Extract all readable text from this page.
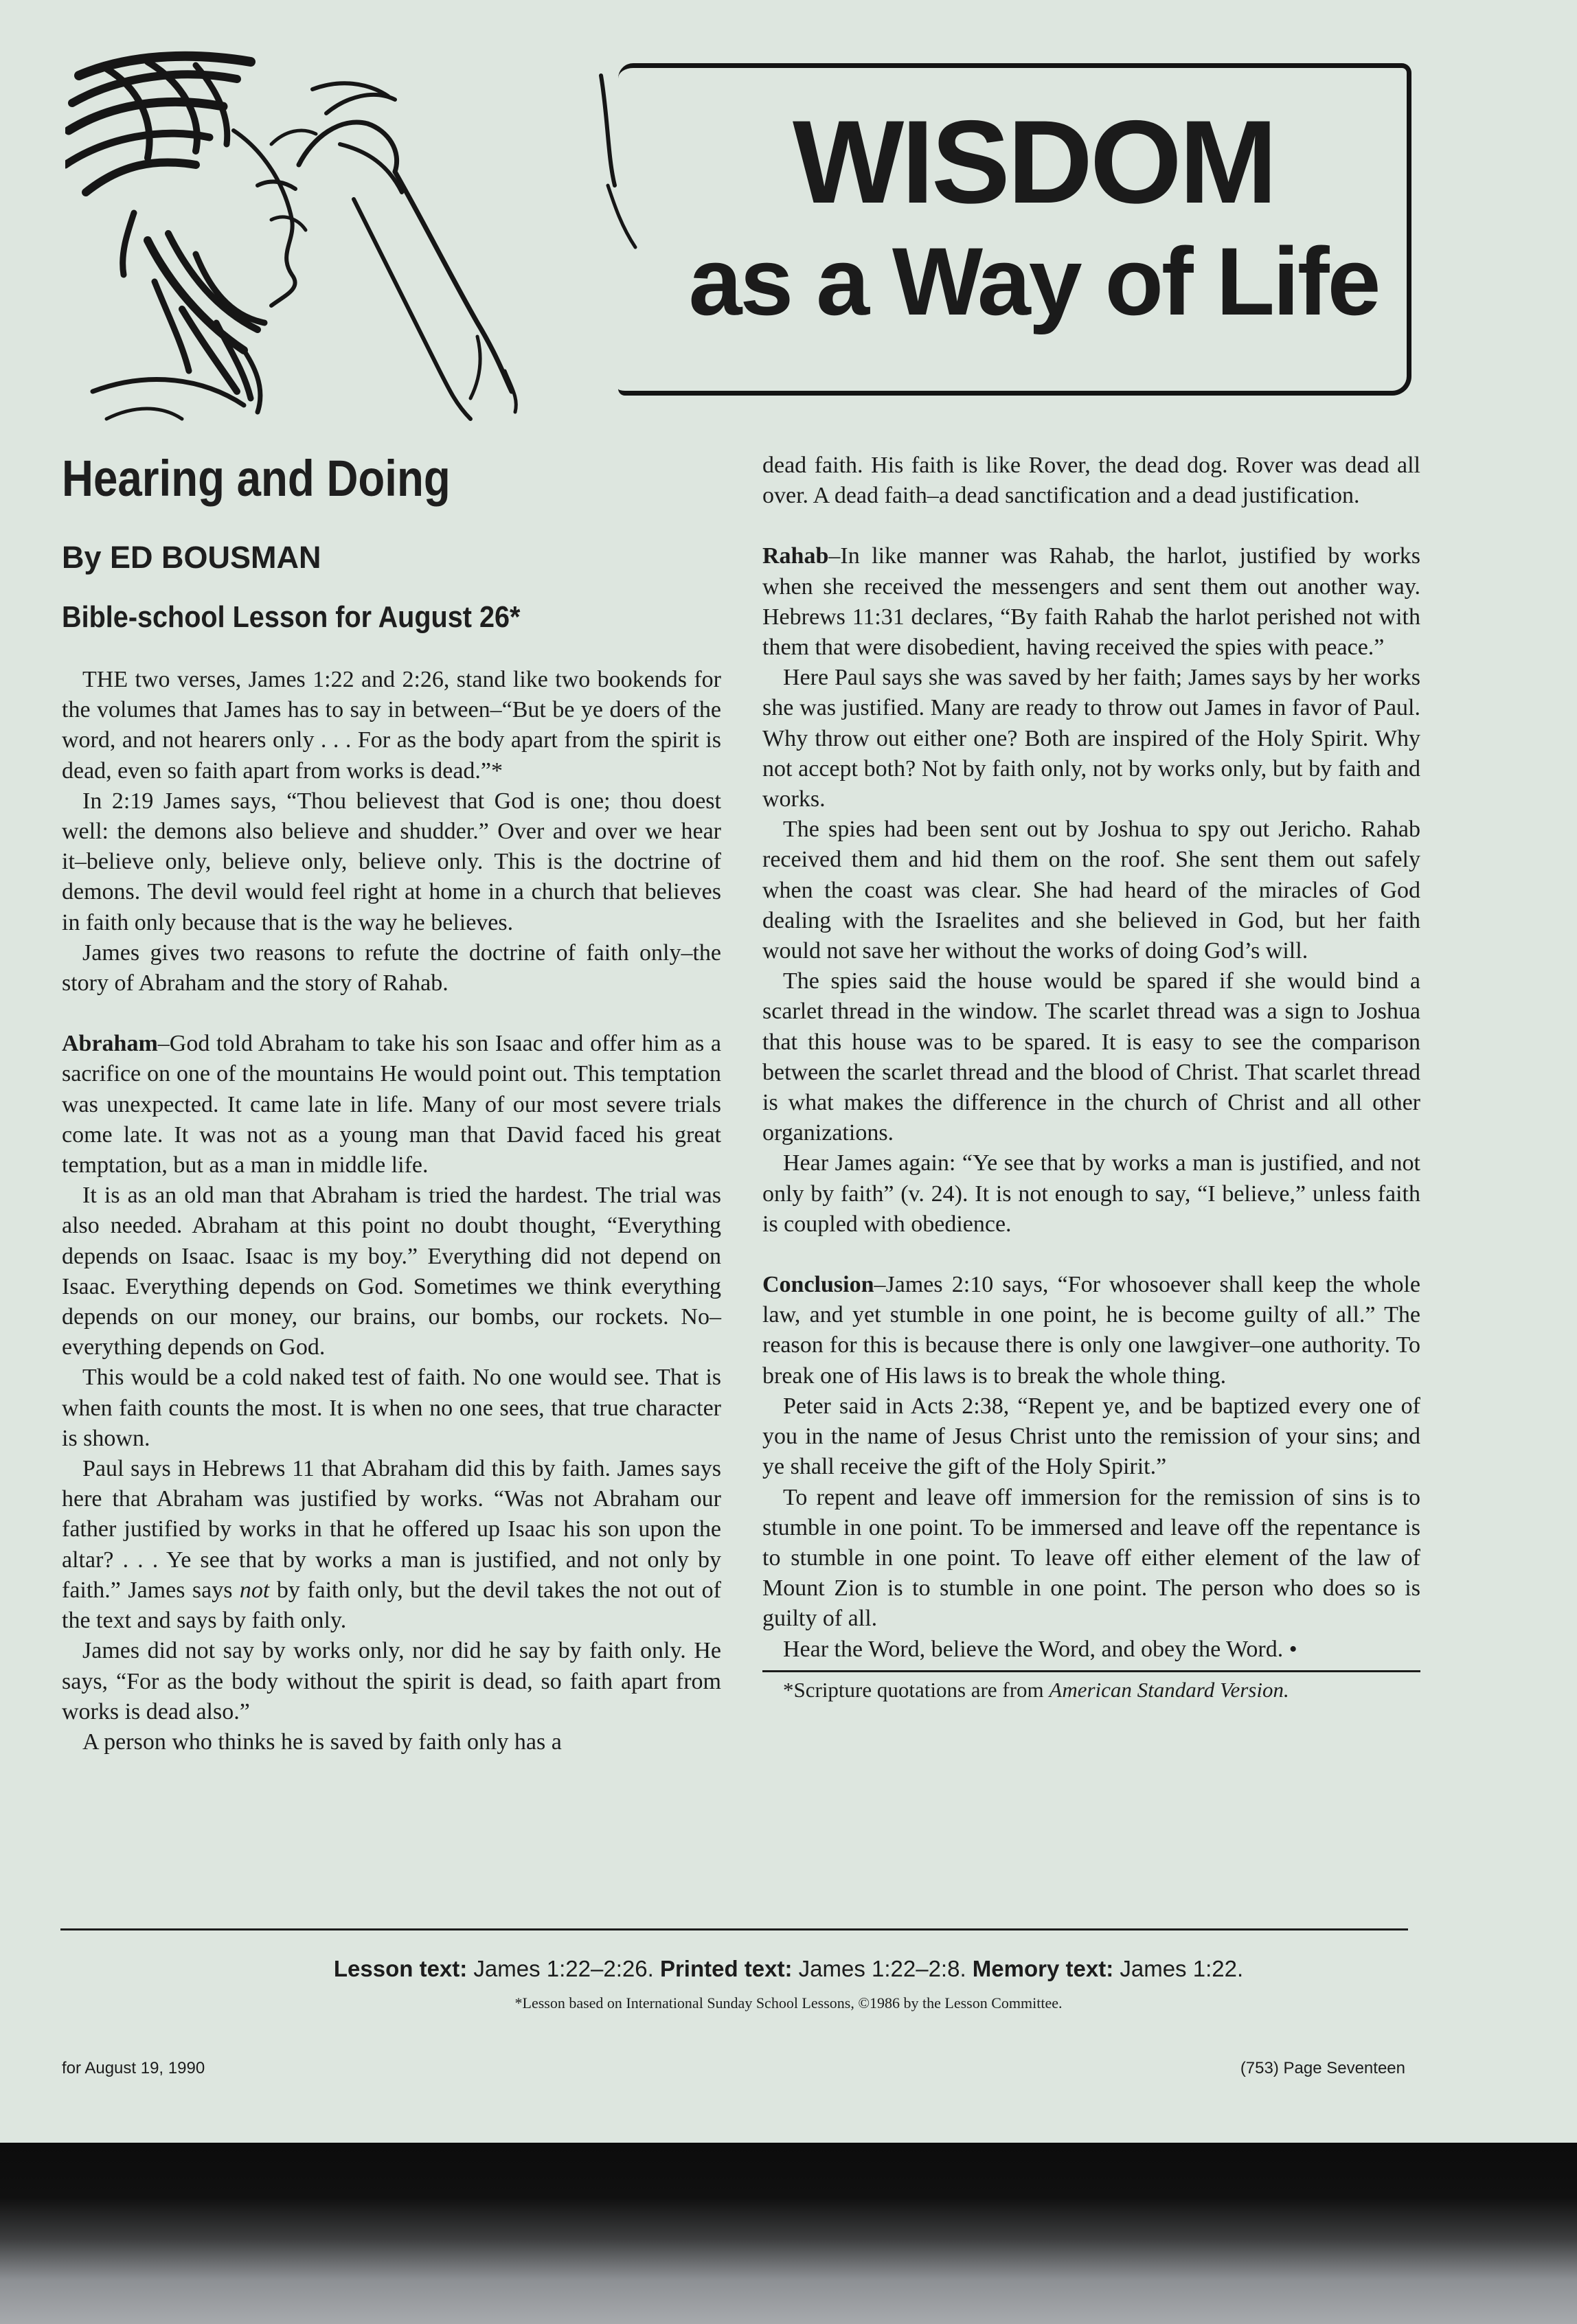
WISDOM
as a Way of Life
Hearing and Doing
By ED BOUSMAN
Bible-school Lesson for August 26*

THE two verses, James 1:22 and 2:26, stand like two bookends for the volumes that James has to say in between–“But be ye doers of the word, and not hearers only . . . For as the body apart from the spirit is dead, even so faith apart from works is dead.”*

In 2:19 James says, “Thou believest that God is one; thou doest well: the demons also believe and shudder.” Over and over we hear it–believe only, believe only, believe only. This is the doctrine of demons. The devil would feel right at home in a church that believes in faith only because that is the way he believes.

James gives two reasons to refute the doctrine of faith only–the story of Abraham and the story of Rahab.

Abraham–God told Abraham to take his son Isaac and offer him as a sacrifice on one of the mountains He would point out. This temptation was unexpected. It came late in life. Many of our most severe trials come late. It was not as a young man that David faced his great temptation, but as a man in middle life.

It is as an old man that Abraham is tried the hardest. The trial was also needed. Abraham at this point no doubt thought, “Everything depends on Isaac. Isaac is my boy.” Everything did not depend on Isaac. Everything depends on God. Sometimes we think everything depends on our money, our brains, our bombs, our rockets. No–everything depends on God.

This would be a cold naked test of faith. No one would see. That is when faith counts the most. It is when no one sees, that true character is shown.

Paul says in Hebrews 11 that Abraham did this by faith. James says here that Abraham was justified by works. “Was not Abraham our father justified by works in that he offered up Isaac his son upon the altar? . . . Ye see that by works a man is justified, and not only by faith.” James says not by faith only, but the devil takes the not out of the text and says by faith only.

James did not say by works only, nor did he say by faith only. He says, “For as the body without the spirit is dead, so faith apart from works is dead also.”

A person who thinks he is saved by faith only has a

dead faith. His faith is like Rover, the dead dog. Rover was dead all over. A dead faith–a dead sanctification and a dead justification.

Rahab–In like manner was Rahab, the harlot, justified by works when she received the messengers and sent them out another way. Hebrews 11:31 declares, “By faith Rahab the harlot perished not with them that were disobedient, having received the spies with peace.”

Here Paul says she was saved by her faith; James says by her works she was justified. Many are ready to throw out James in favor of Paul. Why throw out either one? Both are inspired of the Holy Spirit. Why not accept both? Not by faith only, not by works only, but by faith and works.

The spies had been sent out by Joshua to spy out Jericho. Rahab received them and hid them on the roof. She sent them out safely when the coast was clear. She had heard of the miracles of God dealing with the Israelites and she believed in God, but her faith would not save her without the works of doing God’s will.

The spies said the house would be spared if she would bind a scarlet thread in the window. The scarlet thread was a sign to Joshua that this house was to be spared. It is easy to see the comparison between the scarlet thread and the blood of Christ. That scarlet thread is what makes the difference in the church of Christ and all other organizations.

Hear James again: “Ye see that by works a man is justified, and not only by faith” (v. 24). It is not enough to say, “I believe,” unless faith is coupled with obedience.

Conclusion–James 2:10 says, “For whosoever shall keep the whole law, and yet stumble in one point, he is become guilty of all.” The reason for this is because there is only one lawgiver–one authority. To break one of His laws is to break the whole thing.

Peter said in Acts 2:38, “Repent ye, and be baptized every one of you in the name of Jesus Christ unto the remission of your sins; and ye shall receive the gift of the Holy Spirit.”

To repent and leave off immersion for the remission of sins is to stumble in one point. To be immersed and leave off the repentance is to stumble in one point. To leave off either element of the law of Mount Zion is to stumble in one point. The person who does so is guilty of all.

Hear the Word, believe the Word, and obey the Word. •

*Scripture quotations are from American Standard Version.
Lesson text: James 1:22–2:26. Printed text: James 1:22–2:8. Memory text: James 1:22.
*Lesson based on International Sunday School Lessons, ©1986 by the Lesson Committee.
for August 19, 1990	(753) Page Seventeen
